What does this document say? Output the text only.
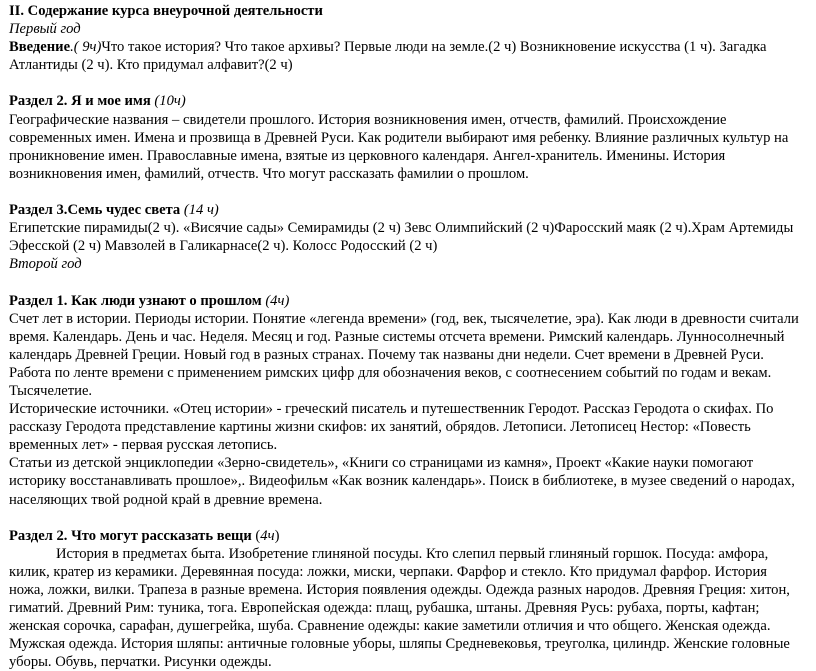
II. Содержание курса внеурочной деятельности

Первый год

Введение.( 9ч)Что такое история? Что такое архивы? Первые люди на земле.(2 ч) Возникновение искусства (1 ч). Загадка Атлантиды (2 ч). Кто придумал алфавит?(2 ч)

Раздел 2. Я и мое имя (10ч)

Географические названия – свидетели прошлого. История возникновения имен, отчеств, фамилий. Происхождение современных имен. Имена и прозвища в Древней Руси. Как родители выбирают имя ребенку. Влияние различных культур на проникновение имен. Православные имена, взятые из церковного календаря. Ангел-хранитель. Именины. История возникновения имен, фамилий, отчеств. Что могут рассказать фамилии о прошлом.

Раздел 3.Семь чудес света (14 ч)

Египетские пирамиды(2 ч). «Висячие сады» Семирамиды (2 ч) Зевс Олимпийский (2 ч)Фаросский маяк (2 ч).Храм Артемиды Эфесской (2 ч) Мавзолей в Галикарнасе(2 ч). Колосс Родосский (2 ч)

Второй год

Раздел 1. Как люди узнают о прошлом (4ч)

Счет лет в истории. Периоды истории. Понятие «легенда времени» (год, век, тысячелетие, эра). Как люди в древности считали время. Календарь. День и час. Неделя. Месяц и год. Разные системы отсчета времени. Римский календарь. Лунносолнечный календарь Древней Греции. Новый год в разных странах. Почему так названы дни недели. Счет времени в Древней Руси. Работа по ленте времени с применением римских цифр для обозначения веков, с соотнесением событий по годам и векам. Тысячелетие.

Исторические источники. «Отец истории» - греческий писатель и путешественник Геродот. Рассказ Геродота о скифах. По рассказу Геродота представление картины жизни скифов: их занятий, обрядов. Летописи. Летописец Нестор: «Повесть временных лет» - первая русская летопись.

Статьи из детской энциклопедии «Зерно-свидетель», «Книги со страницами из камня», Проект «Какие науки помогают историку восстанавливать прошлое»,. Видеофильм «Как возник календарь». Поиск в библиотеке, в музее сведений о народах, населяющих твой родной край в древние времена.

Раздел 2. Что могут рассказать вещи (4ч)

История в предметах быта. Изобретение глиняной посуды. Кто слепил первый глиняный горшок. Посуда: амфора, килик, кратер из керамики. Деревянная посуда: ложки, миски, черпаки. Фарфор и стекло. Кто придумал фарфор. История ножа, ложки, вилки. Трапеза в разные времена. История появления одежды. Одежда разных народов. Древняя Греция: хитон, гиматий. Древний Рим: туника, тога. Европейская одежда: плащ, рубашка, штаны. Древняя Русь: рубаха, порты, кафтан; женская сорочка, сарафан, душегрейка, шуба. Сравнение одежды: какие заметили отличия и что общего. Женская одежда. Мужская одежда. История шляпы: античные головные уборы, шляпы Средневековья, треуголка, цилиндр. Женские головные уборы. Обувь, перчатки. Рисунки одежды.
